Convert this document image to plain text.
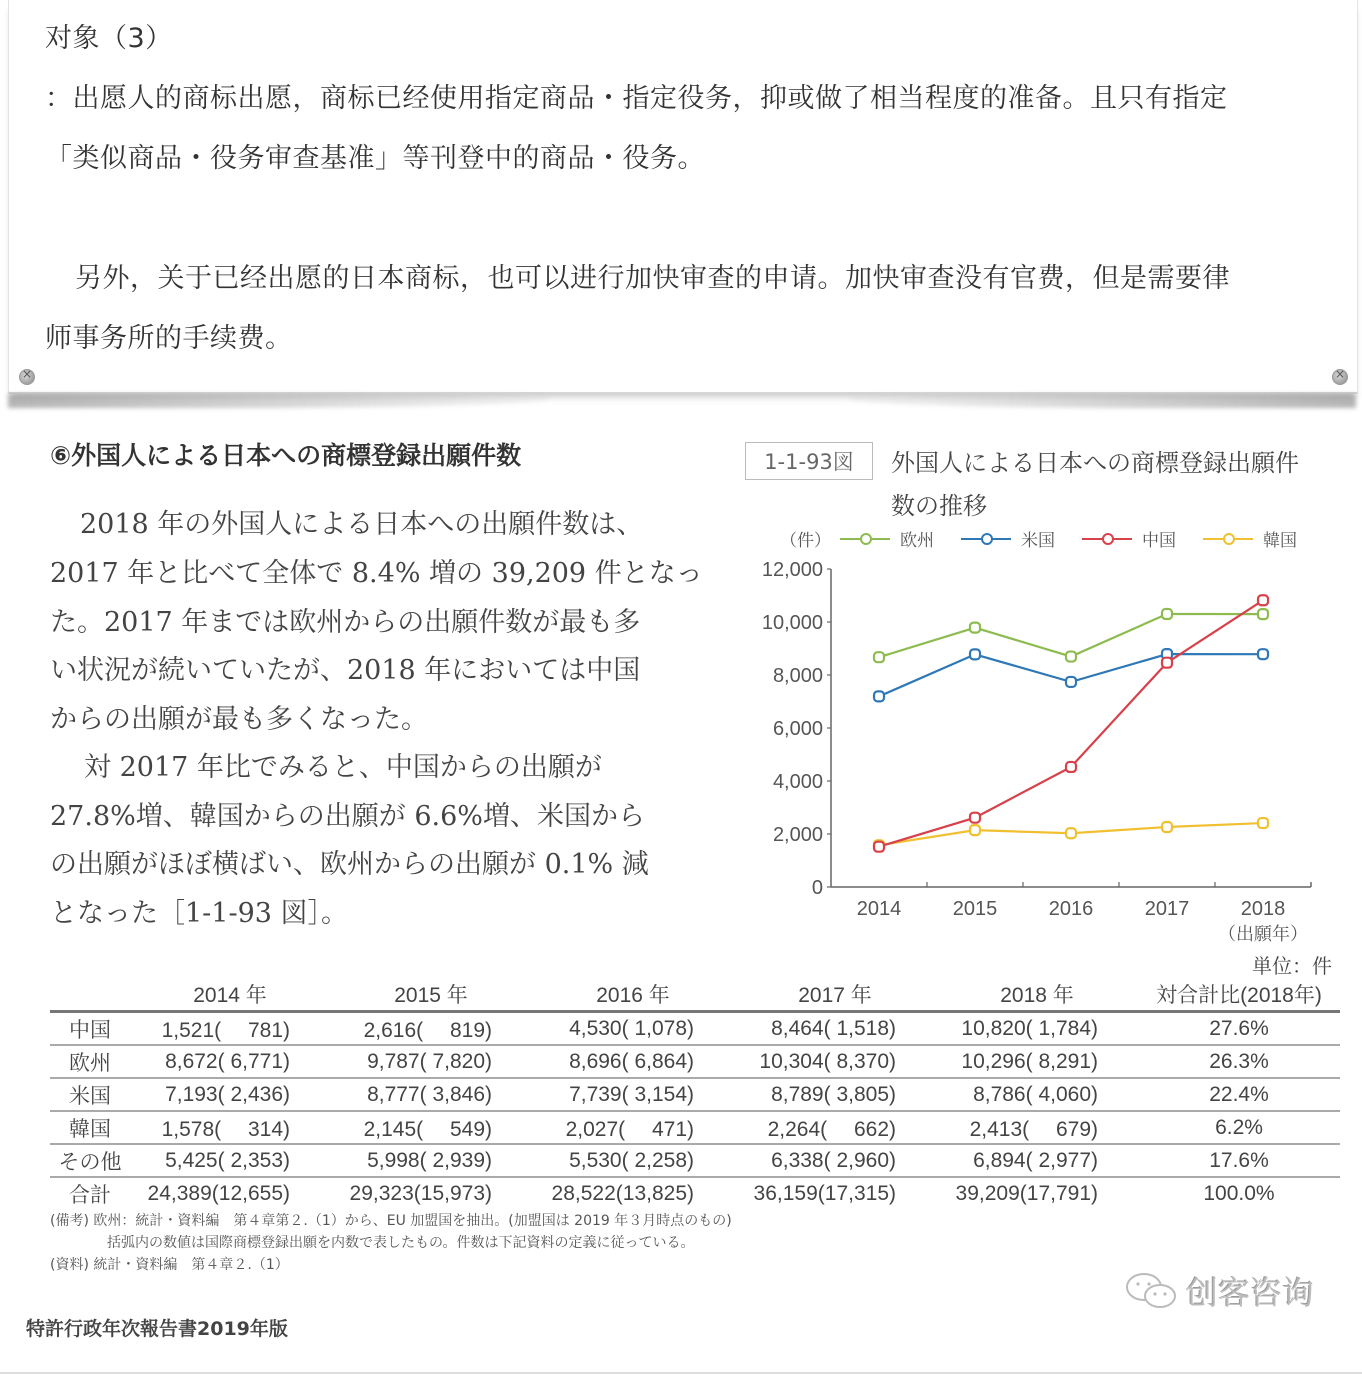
×
×
对象（3）
：出愿人的商标出愿，商标已经使用指定商品・指定役务，抑或做了相当程度的准备。且只有指定
「类似商品・役务审查基准」等刊登中的商品・役务。
另外，关于已经出愿的日本商标，也可以进行加快审查的申请。加快审查没有官费，但是需要律
师事务所的手续费。
⑥外国人による日本への商標登録出願件数
2018 年の外国人による日本への出願件数は、
2017 年と比べて全体で 8.4% 増の 39,209 件となっ
た。2017 年までは欧州からの出願件数が最も多
い状況が続いていたが、2018 年においては中国
からの出願が最も多くなった。
対 2017 年比でみると、中国からの出願が
27.8%増、韓国からの出願が 6.6%増、米国から
の出願がほぼ横ばい、欧州からの出願が 0.1% 減
となった［1-1-93 図］。
1-1-93図	外国人による日本への商標登録出願件
数の推移
（件）	欧州	米国	中国	韓国
0
2,000
4,000
6,000
8,000
10,000
12,000
2014	2015	2016	2017	2018
（出願年）
単位：件
	2014 年	2015 年	2016 年	2017 年	2018 年	対合計比(2018年)
中国	1,521(　 781)	2,616(　 819)	4,530( 1,078)	8,464( 1,518)	10,820( 1,784)	27.6%
欧州	8,672( 6,771)	9,787( 7,820)	8,696( 6,864)	10,304( 8,370)	10,296( 8,291)	26.3%
米国	7,193( 2,436)	8,777( 3,846)	7,739( 3,154)	8,789( 3,805)	8,786( 4,060)	22.4%
韓国	1,578(　 314)	2,145(　 549)	2,027(　 471)	2,264(　 662)	2,413(　 679)	6.2%
その他	5,425( 2,353)	5,998( 2,939)	5,530( 2,258)	6,338( 2,960)	6,894( 2,977)	17.6%
合計	24,389(12,655)	29,323(15,973)	28,522(13,825)	36,159(17,315)	39,209(17,791)	100.0%
(備考) 欧州：統計・資料編　第４章第２.（1）から、EU 加盟国を抽出。(加盟国は 2019 年３月時点のもの)
括弧内の数値は国際商標登録出願を内数で表したもの。件数は下記資料の定義に従っている。
(資料) 統計・資料編　第４章２.（1）
特許行政年次報告書2019年版
创客咨询
